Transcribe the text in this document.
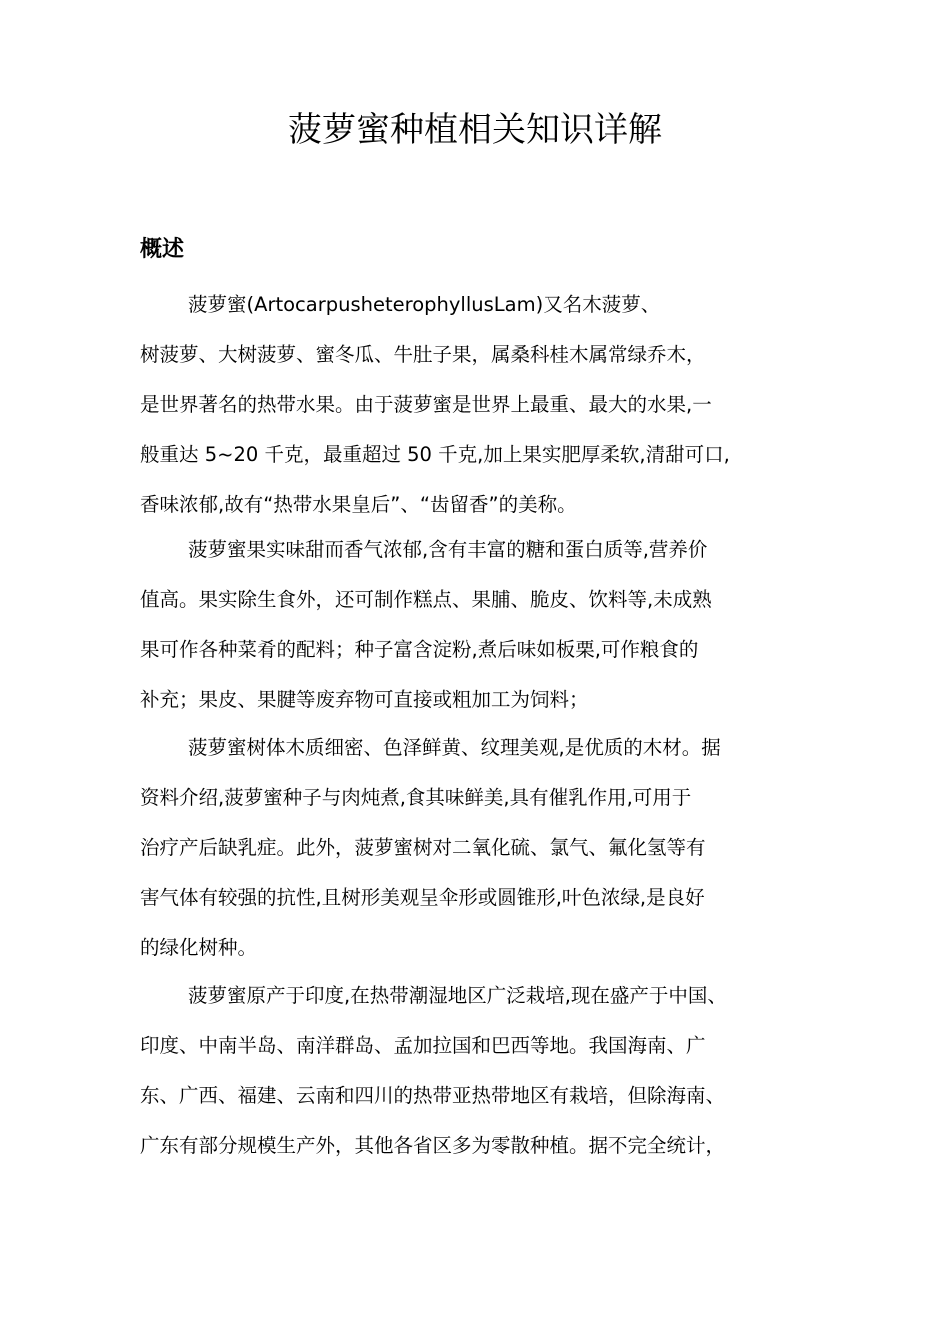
菠萝蜜种植相关知识详解
概述

菠萝蜜(ArtocarpusheterophyllusLam)又名木菠萝、
树菠萝、大树菠萝、蜜冬瓜、牛肚子果，属桑科桂木属常绿乔木，
是世界著名的热带水果。由于菠萝蜜是世界上最重、最大的水果,一
般重达 5~20 千克，最重超过 50 千克,加上果实肥厚柔软,清甜可口,
香味浓郁,故有“热带水果皇后”、“齿留香”的美称。

菠萝蜜果实味甜而香气浓郁,含有丰富的糖和蛋白质等,营养价
值高。果实除生食外，还可制作糕点、果脯、脆皮、饮料等,未成熟
果可作各种菜肴的配料；种子富含淀粉,煮后味如板栗,可作粮食的
补充；果皮、果腱等废弃物可直接或粗加工为饲料；

菠萝蜜树体木质细密、色泽鲜黄、纹理美观,是优质的木材。据
资料介绍,菠萝蜜种子与肉炖煮,食其味鲜美,具有催乳作用,可用于
治疗产后缺乳症。此外，菠萝蜜树对二氧化硫、氯气、氟化氢等有
害气体有较强的抗性,且树形美观呈伞形或圆锥形,叶色浓绿,是良好
的绿化树种。

菠萝蜜原产于印度,在热带潮湿地区广泛栽培,现在盛产于中国、
印度、中南半岛、南洋群岛、孟加拉国和巴西等地。我国海南、广
东、广西、福建、云南和四川的热带亚热带地区有栽培，但除海南、
广东有部分规模生产外，其他各省区多为零散种植。据不完全统计，
